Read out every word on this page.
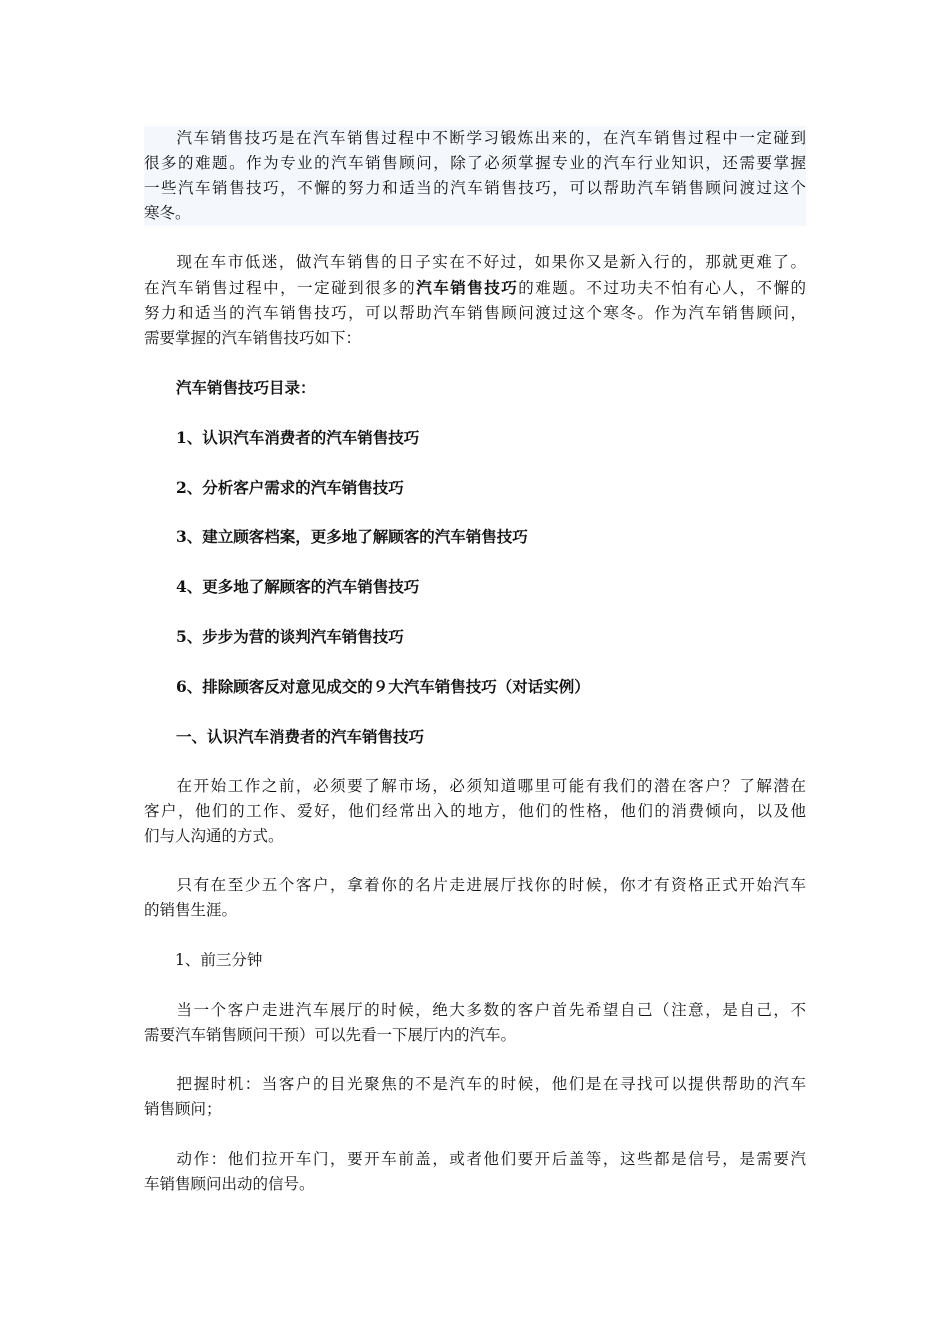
汽车销售技巧是在汽车销售过程中不断学习锻炼出来的，在汽车销售过程中一定碰到
很多的难题。作为专业的汽车销售顾问，除了必须掌握专业的汽车行业知识，还需要掌握
一些汽车销售技巧，不懈的努力和适当的汽车销售技巧，可以帮助汽车销售顾问渡过这个
寒冬。
现在车市低迷，做汽车销售的日子实在不好过，如果你又是新入行的，那就更难了。
在汽车销售过程中，一定碰到很多的汽车销售技巧的难题。不过功夫不怕有心人，不懈的
努力和适当的汽车销售技巧，可以帮助汽车销售顾问渡过这个寒冬。作为汽车销售顾问，
需要掌握的汽车销售技巧如下：
汽车销售技巧目录：
1、认识汽车消费者的汽车销售技巧
2、分析客户需求的汽车销售技巧
3、建立顾客档案，更多地了解顾客的汽车销售技巧
4、更多地了解顾客的汽车销售技巧
5、步步为营的谈判汽车销售技巧
6、排除顾客反对意见成交的９大汽车销售技巧（对话实例）
一、认识汽车消费者的汽车销售技巧
在开始工作之前，必须要了解市场，必须知道哪里可能有我们的潜在客户？了解潜在
客户，他们的工作、爱好，他们经常出入的地方，他们的性格，他们的消费倾向，以及他
们与人沟通的方式。
只有在至少五个客户，拿着你的名片走进展厅找你的时候，你才有资格正式开始汽车
的销售生涯。
1、前三分钟
当一个客户走进汽车展厅的时候，绝大多数的客户首先希望自己（注意，是自己，不
需要汽车销售顾问干预）可以先看一下展厅内的汽车。
把握时机：当客户的目光聚焦的不是汽车的时候，他们是在寻找可以提供帮助的汽车
销售顾问；
动作：他们拉开车门，要开车前盖，或者他们要开后盖等，这些都是信号，是需要汽
车销售顾问出动的信号。
